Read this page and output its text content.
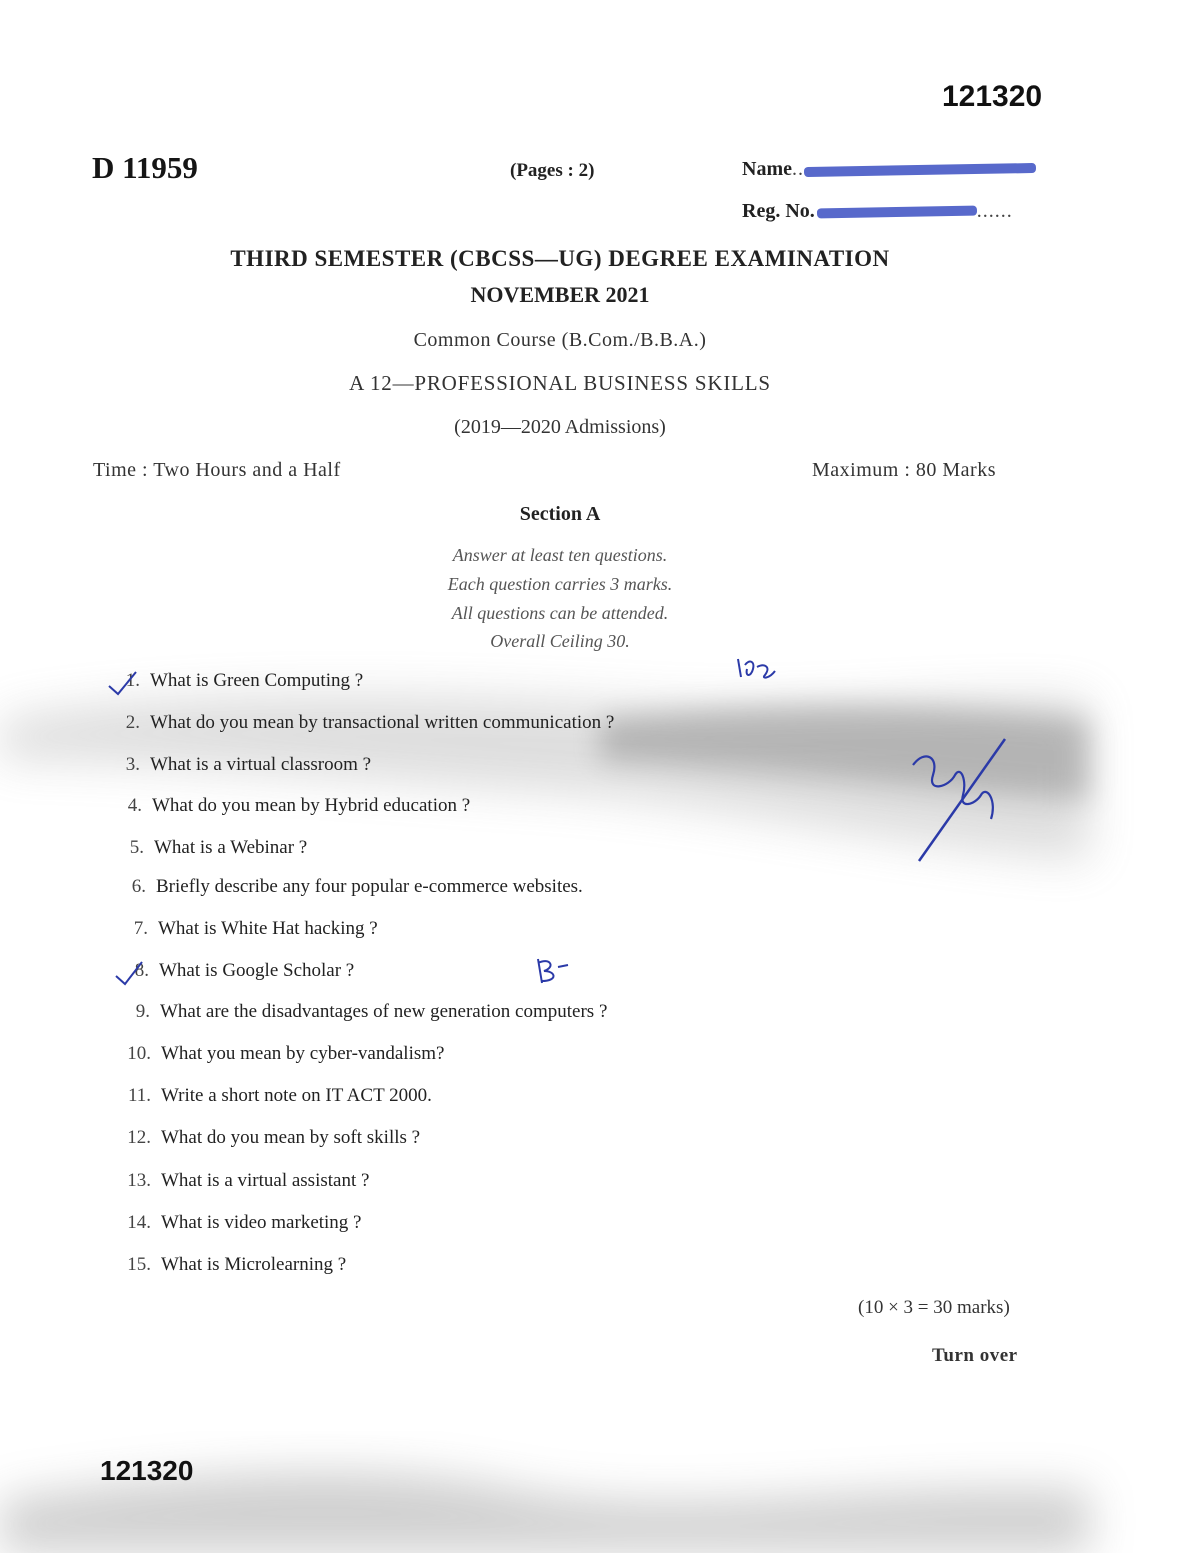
121320
D 11959	(Pages : 2)	Name..
Reg. No.	......
THIRD SEMESTER (CBCSS—UG) DEGREE EXAMINATION
NOVEMBER 2021
Common Course (B.Com./B.B.A.)
A 12—PROFESSIONAL BUSINESS SKILLS
(2019—2020 Admissions)
Time : Two Hours and a Half	Maximum : 80 Marks
Section A
Answer at least ten questions.
Each question carries 3 marks.
All questions can be attended.
Overall Ceiling 30.
1. What is Green Computing ?
2. What do you mean by transactional written communication ?
3. What is a virtual classroom ?
4. What do you mean by Hybrid education ?
5. What is a Webinar ?
6. Briefly describe any four popular e-commerce websites.
7. What is White Hat hacking ?
8. What is Google Scholar ?
9. What are the disadvantages of new generation computers ?
10. What you mean by cyber-vandalism?
11. Write a short note on IT ACT 2000.
12. What do you mean by soft skills ?
13. What is a virtual assistant ?
14. What is video marketing ?
15. What is Microlearning ?
(10 × 3 = 30 marks)
Turn over
121320
